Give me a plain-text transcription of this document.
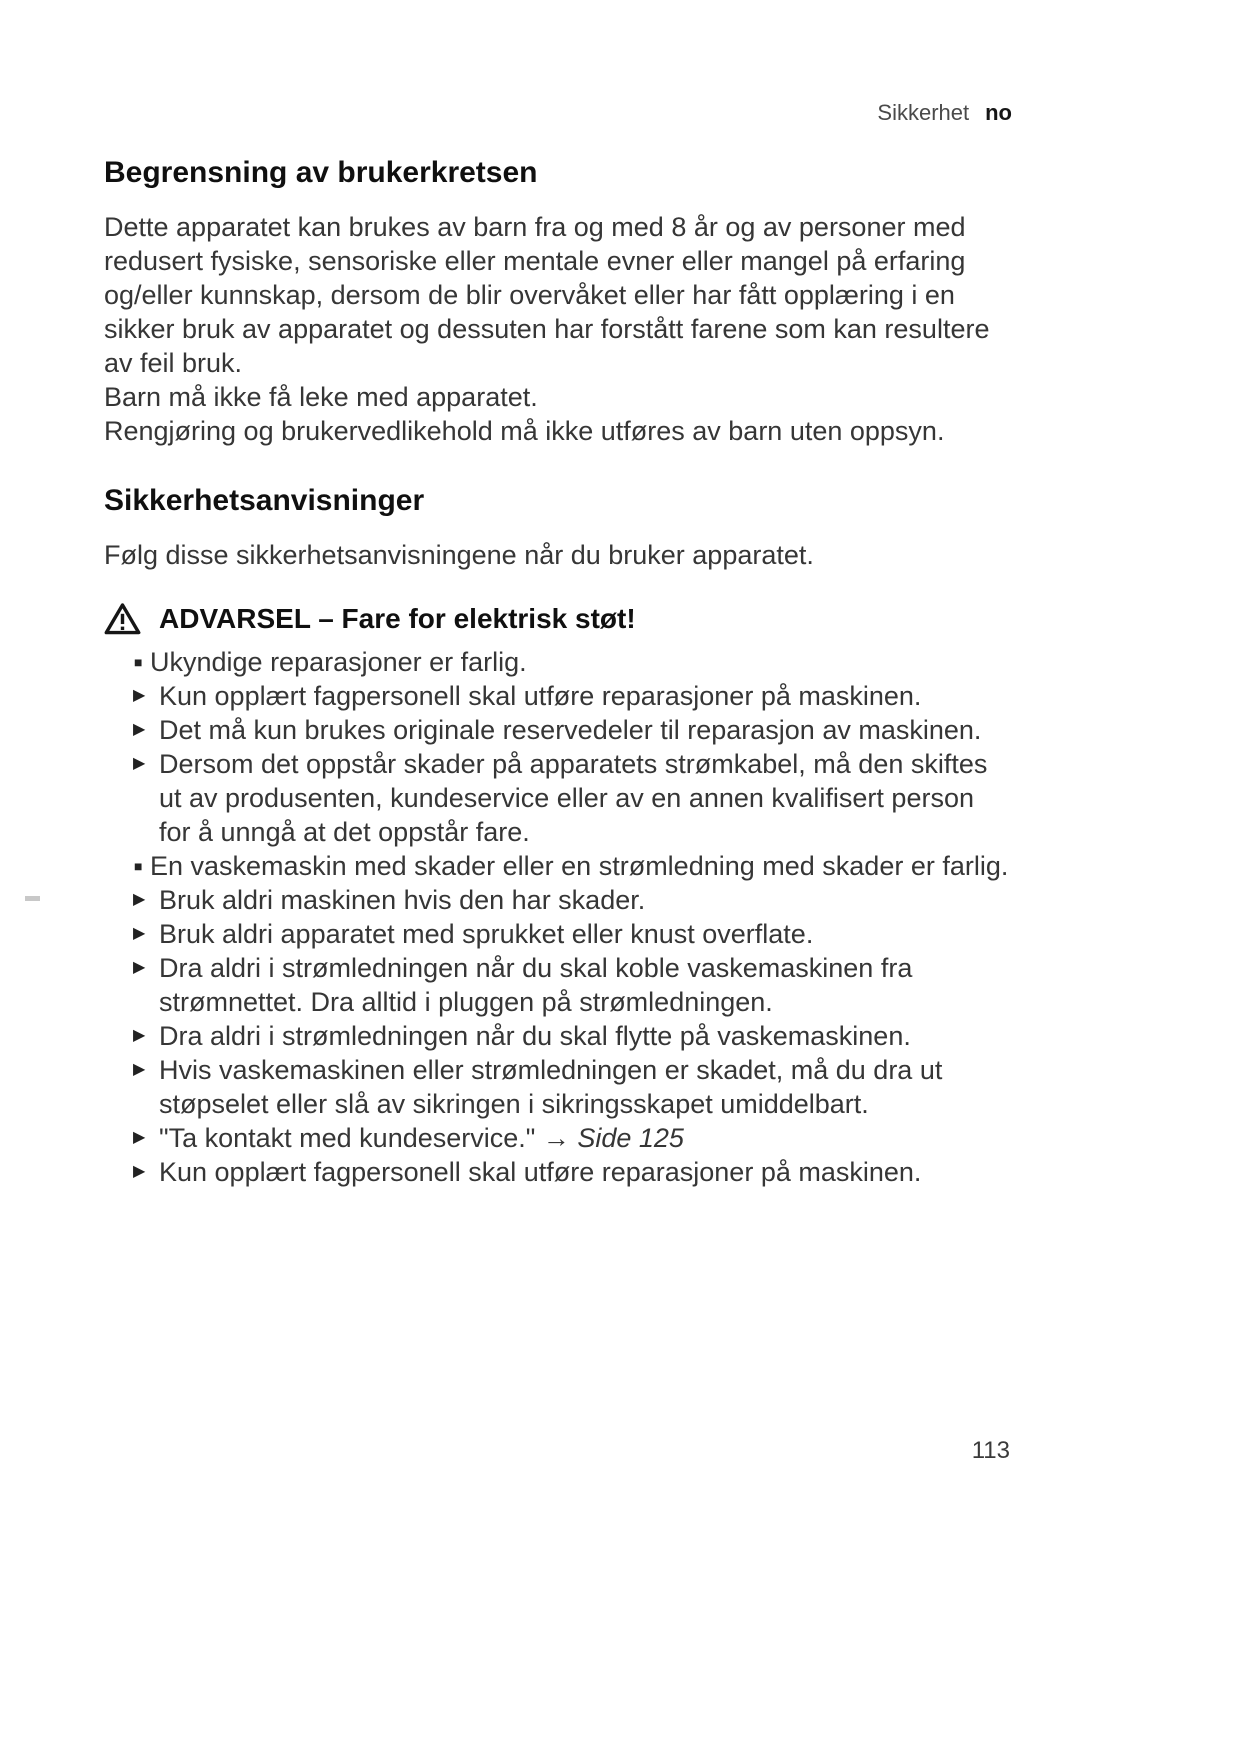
Sikkerhet no
Begrensning av brukerkretsen

Dette apparatet kan brukes av barn fra og med 8 år og av personer med redusert fysiske, sensoriske eller mentale evner eller mangel på erfaring og/eller kunnskap, dersom de blir overvåket eller har fått opplæring i en sikker bruk av apparatet og dessuten har forstått farene som kan resultere av feil bruk.

Barn må ikke få leke med apparatet.

Rengjøring og brukervedlikehold må ikke utføres av barn uten oppsyn.

Sikkerhetsanvisninger

Følg disse sikkerhetsanvisningene når du bruker apparatet.

ADVARSEL – Fare for elektrisk støt!
■ Ukyndige reparasjoner er farlig.
▶ Kun opplært fagpersonell skal utføre reparasjoner på maskinen.
▶ Det må kun brukes originale reservedeler til reparasjon av maskinen.
▶ Dersom det oppstår skader på apparatets strømkabel, må den skiftes ut av produsenten, kundeservice eller av en annen kvalifisert person for å unngå at det oppstår fare.
■ En vaskemaskin med skader eller en strømledning med skader er farlig.
▶ Bruk aldri maskinen hvis den har skader.
▶ Bruk aldri apparatet med sprukket eller knust overflate.
▶ Dra aldri i strømledningen når du skal koble vaskemaskinen fra strømnettet. Dra alltid i pluggen på strømledningen.
▶ Dra aldri i strømledningen når du skal flytte på vaskemaskinen.
▶ Hvis vaskemaskinen eller strømledningen er skadet, må du dra ut støpselet eller slå av sikringen i sikringsskapet umiddelbart.
▶ "Ta kontakt med kundeservice." → Side 125
▶ Kun opplært fagpersonell skal utføre reparasjoner på maskinen.
113
